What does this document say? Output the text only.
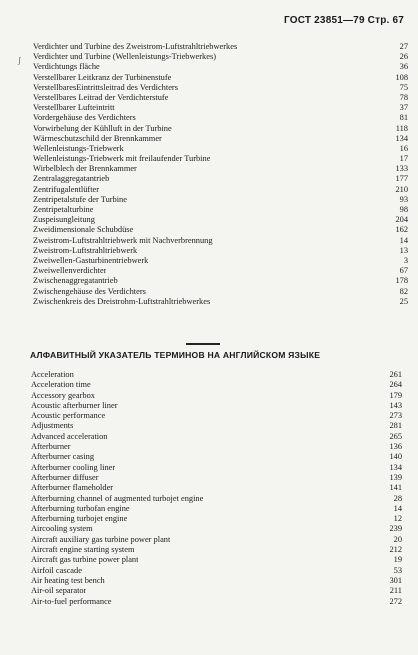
ГОСТ 23851—79 Стр. 67
ʃ
Verdichter und Turbine des Zweistrom-Luftstrahltriebwerkes	27
Verdichter und Turbine (Wellenleistungs-Triebwerkes)	26
Verdichtungs fläche	36
Verstellbarer Leitkranz der Turbinenstufe	108
VerstellbaresEintrittsleitrad des Verdichters	75
Verstellbares Leitrad der Verdichterstufe	78
Verstellbarer Lufteintritt	37
Vordergehäuse des Verdichters	81
Vorwirbelung der Kühlluft in der Turbine	118
Wärmeschutzschild der Brennkammer	134
Wellenleistungs-Triebwerk	16
Wellenleistungs-Triebwerk mit freilaufender Turbine	17
Wirbelblech der Brennkammer	133
Zentralaggregatantrieb	177
Zentrifugalentlüfter	210
Zentripetalstufe der Turbine	93
Zentripetalturbine	98
Zuspeisungleitung	204
Zweidimensionale Schubdüse	162
Zweistrom-Luftstrahltriebwerk mit Nachverbrennung	14
Zweistrom-Luftstrahltriebwerk	13
Zweiwellen-Gasturbinentriebwerk	3
Zweiwellenverdichter	67
Zwischenaggregatantrieb	178
Zwischengehäuse des Verdichters	82
Zwischenkreis des Dreistrohm-Luftstrahltriebwerkes	25
АЛФАВИТНЫЙ УКАЗАТЕЛЬ ТЕРМИНОВ НА АНГЛИЙСКОМ ЯЗЫКЕ
Acceleration	261
Acceleration time	264
Accessory gearbox	179
Acoustic afterburner liner	143
Acoustic performance	273
Adjustments	281
Advanced acceleration	265
Afterburner	136
Afterburner casing	140
Afterburner cooling liner	134
Afterburner diffuser	139
Afterburner flameholder	141
Afterburning channel of augmented turbojet engine	28
Afterburning turbofan engine	14
Afterburning turbojet engine	12
Aircooling system	239
Aircraft auxiliary gas turbine power plant	20
Aircraft engine starting system	212
Aircraft gas turbine power plant	19
Airfoil cascade	53
Air heating test bench	301
Air-oil separator	211
Air-to-fuel performance	272
